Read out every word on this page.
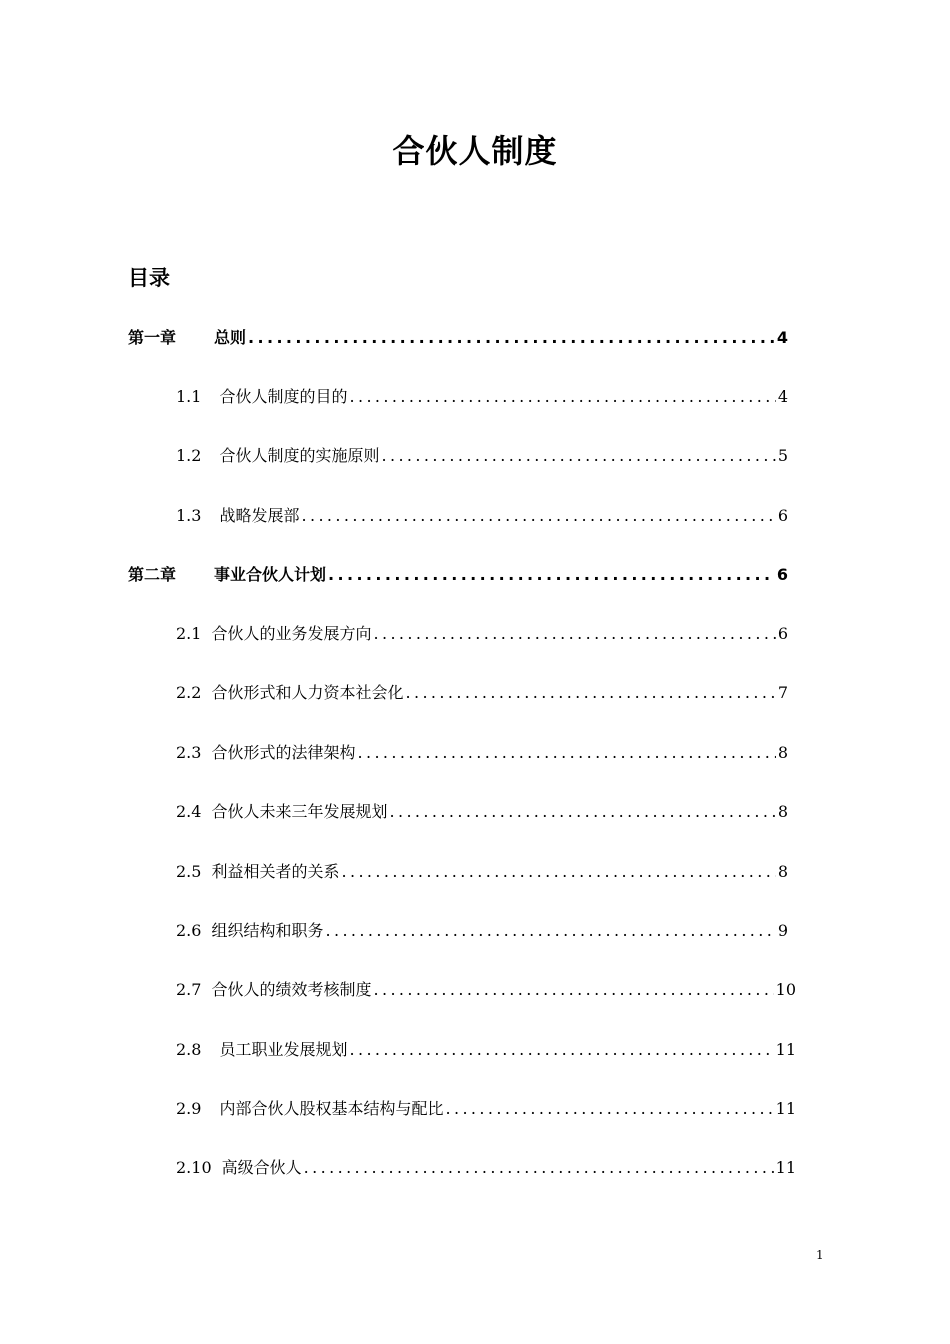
合伙人制度
目录
第一章	总则 .....	4
1.1	合伙人制度的目的 .....	4
1.2	合伙人制度的实施原则 .....	5
1.3	战略发展部 .....	6
第二章	事业合伙人计划 .....	6
2.1 合伙人的业务发展方向 .....	6
2.2 合伙形式和人力资本社会化 .....	7
2.3 合伙形式的法律架构 .....	8
2.4 合伙人未来三年发展规划 .....	8
2.5 利益相关者的关系 .....	8
2.6 组织结构和职务 .....	9
2.7 合伙人的绩效考核制度 .....	10
2.8	员工职业发展规划 .....	11
2.9	内部合伙人股权基本结构与配比 .....	11
2.10 高级合伙人 .....	11
1
